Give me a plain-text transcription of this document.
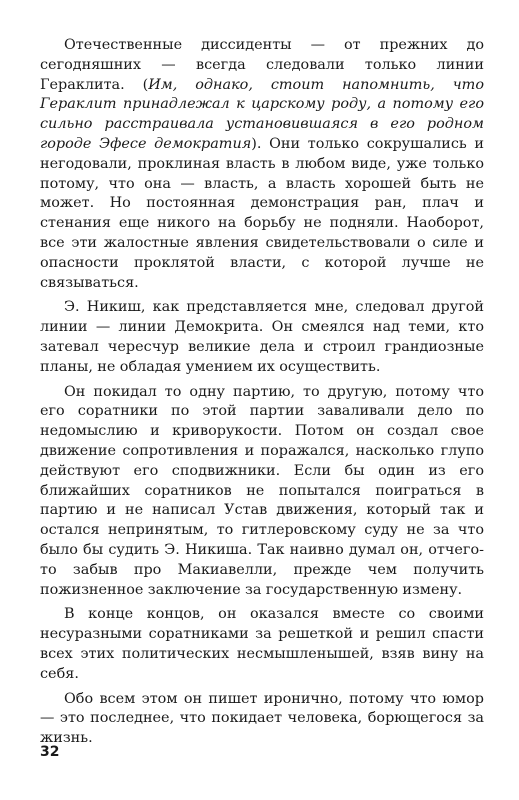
Отечественные диссиденты — от прежних до сегодняшних — всегда следовали только линии Гераклита. (Им, однако, стоит напомнить, что Гераклит принадлежал к царскому роду, а потому его сильно расстраивала установившаяся в его родном городе Эфесе демократия). Они только сокрушались и негодовали, проклиная власть в любом виде, уже только потому, что она — власть, а власть хорошей быть не может. Но постоянная демонстрация ран, плач и стенания еще никого на борьбу не подняли. Наоборот, все эти жалостные явления свидетельствовали о силе и опасности проклятой власти, с которой лучше не связываться.

Э. Никиш, как представляется мне, следовал другой линии — линии Демокрита. Он смеялся над теми, кто затевал чересчур великие дела и строил грандиозные планы, не обладая умением их осуществить.

Он покидал то одну партию, то другую, потому что его соратники по этой партии заваливали дело по недомыслию и криворукости. Потом он создал свое движение сопротивления и поражался, насколько глупо действуют его сподвижники. Если бы один из его ближайших соратников не попытался поиграться в партию и не написал Устав движения, который так и остался непринятым, то гитлеровскому суду не за что было бы судить Э. Никиша. Так наивно думал он, отчего-то забыв про Макиавелли, прежде чем получить пожизненное заключение за государственную измену.

В конце концов, он оказался вместе со своими несуразными соратниками за решеткой и решил спасти всех этих политических несмышленышей, взяв вину на себя.

Обо всем этом он пишет иронично, потому что юмор — это последнее, что покидает человека, борющегося за жизнь.

32
